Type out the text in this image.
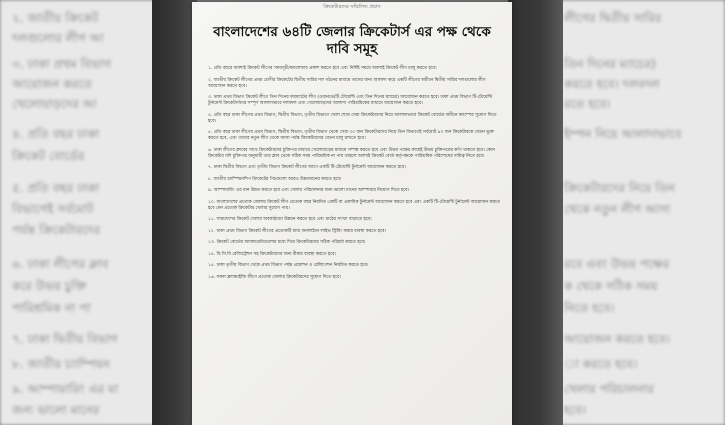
২. জাতীয় ক্রিকেট
দলগুলোর লীগ আ
৩. ঢাকা প্রথম বিভাগ
আয়োজন করতে
খেলোয়াড়দের আ
৪. প্রতি বছর ঢাকা
ক্রিকেট বোর্ডের
৫. প্রতি বছর ঢাকা
বিভাগেই সর্বমোট
পর্যন্ত ক্রিকেটারদের
৬. ঢাকা লীগের ক্লাব
করে উভয় চুক্তি
পারিশ্রমিক না পা
৭. ঢাকা দ্বিতীয় বিভাগ
৮. জাতীয় চ্যাম্পিয়ন
৯. আম্পায়ারিং এর মা
জন্য ভালো মানের
লীগের দ্বিতীয় সারির
তিন দিনের ম্যাচের)
করতে হবে। দলবদল
রতে হবে।
ইম্পন নিয়ে আলাদাভাবে
ক্রিকেটারদের নিয়ে তিন
থেকে নতুন লীগ আসা
রবে এবং উভয় পক্ষের
ক থেকে সঠিক সময়
নিতে হবে।
আয়োজন করতে হবে।
া করতে হবে।
খেলার পরিচালনার
হবে।
ক্রিকেটারদের সম্মিলিত প্রয়াস
বাংলাদেশের ৬৪টি জেলার ক্রিকেটার্স এর পক্ষ থেকে
দাবি সমূহ
১. প্রতি বছরে অবশ্যই ক্রিকেট লীগের সময়সূচী/ক্যালেন্ডার প্রকাশ করতে হবে এবং নির্দিষ্ট সময়ে অবশ্যই ক্রিকেট লীগ চালু করতে হবে।
২. জাতীয় ক্রিকেট লীগের প্রথম শ্রেণীর ক্রিকেটের দ্বিতীয় সারির দল গঠনের মাধ্যমে তাদের জন্য আলাদা করে একটি লীগের অধীনে দ্বিতীয় সারির দলগুলোর লীগ আয়োজন করতে হবে।
৩. ঢাকা প্রথম বিভাগ ক্রিকেট লীগে তিন দিনের ফরম্যাটের লীগ (ওয়ানডে/টি টোয়েন্টি এবং তিন দিনের ম্যাচের) আয়োজন করতে হবে। ঢাকা প্রথম বিভাগ টি-টোয়েন্টি টুর্নামেন্ট ক্রিকেটার্সদের সম্পূর্ণ আলাদাভাবে দলবদল এবং খেলোয়াড়দের আলাদা পারিশ্রমিকের মাধ্যমে আয়োজন করতে হবে।
৪. প্রতি বছর ঢাকা লীগের প্রথম বিভাগ, দ্বিতীয় বিভাগ, তৃতীয় বিভাগে খেলা শেষে সেরা ক্রিকেটারদের নিয়ে আলাদাভাবে ক্রিকেট বোর্ডের অধীনে ক্যাম্পের সুযোগ দিতে হবে।
৫. প্রতি বছর ঢাকা লীগের প্রথম বিভাগ, দ্বিতীয় বিভাগ, তৃতীয় বিভাগ থেকে সেরা ৩০ জন ক্রিকেটারদের নিয়ে তিন বিভাগেই সর্বমোট ৯০ জন ক্রিকেটারকে বেতন ভুক্ত করতে হবে, এবং তাদের নতুন লীগ থেকে আসা পর্যন্ত ক্রিকেটারদের বেতন চালু রাখতে হবে।
৬. ঢাকা লীগের ক্লাবের সাথে ক্রিকেটারদের চুক্তিপত্র মাধ্যমে খেলোয়াড়ের মাধ্যমে সম্পন্ন করতে হবে এবং উভয় পক্ষের কাছেই উভয় চুক্তিপত্রের কপি থাকতে হবে। কোন ক্রিকেটার যদি চুক্তিপত্র অনুযায়ী তার ক্লাব থেকে সঠিক সময় পারিশ্রমিক না পায় তাহলে অবশ্যই ক্রিকেট বোর্ড কর্তৃপক্ষকে পারিশ্রমিক পরিশোধের দায়িত্ব নিতে হবে।
৭. ঢাকা দ্বিতীয় বিভাগ এবং তৃতীয় বিভাগ ক্রিকেট লীগের আগে একটি টি-টোয়েন্টি টুর্নামেন্ট আয়োজন করতে হবে।
৮. জাতীয় চ্যাম্পিয়নশিপ ক্রিকেটের পিচগুলো আরও উন্নতমানের করতে হবে।
৯. আম্পায়ারিং এর মান উন্নত করতে হবে এবং খেলার পরিচালনার জন্য ভালো মানের আম্পায়ার নিয়োগ দিতে হবে।
১০. বাংলাদেশের প্রত্যেক জেলায় ক্রিকেট লীগ প্রত্যেক বছর নিয়মিত একটি বা একাধিক টুর্নামেন্ট আয়োজন করতে হবে এবং একটি টি-টোয়েন্টি টুর্নামেন্ট আয়োজন করতে হবে যেন প্রত্যেক ক্রিকেটার খেলার সুযোগ পায়।
১১. সারাদেশের ক্রিকেট খেলার অবকাঠামো উন্নয়ন করতে হবে এবং মাঠের সংখ্যা বাড়াতে হবে।
১২. ঢাকা প্রথম বিভাগ ক্রিকেট লীগের প্রত্যেকটি ম্যাচ অনলাইনে লাইভ স্ট্রিমিং করার ব্যবস্থা করতে হবে।
১৩. ক্রিকেট বোর্ডের অ্যাকাডেমিগুলোর মধ্যে দিয়ে ক্রিকেটারদের সঠিক পরিচর্যা করতে হবে।
১৪. বি.সি.বি রেজিস্ট্রেশন সহ ক্রিকেটারদের জন্য বীমার ব্যবস্থা করতে হবে।
১৫. ঢাকা তৃতীয় বিভাগ থেকে প্রথম বিভাগ পর্যন্ত প্রমোশন ও রেলিগেশন নিয়মিত করতে হবে।
১৬. সকল ফ্র্যাঞ্চাইজি লীগে প্রত্যেক জেলার ক্রিকেটারদের সুযোগ দিতে হবে।
